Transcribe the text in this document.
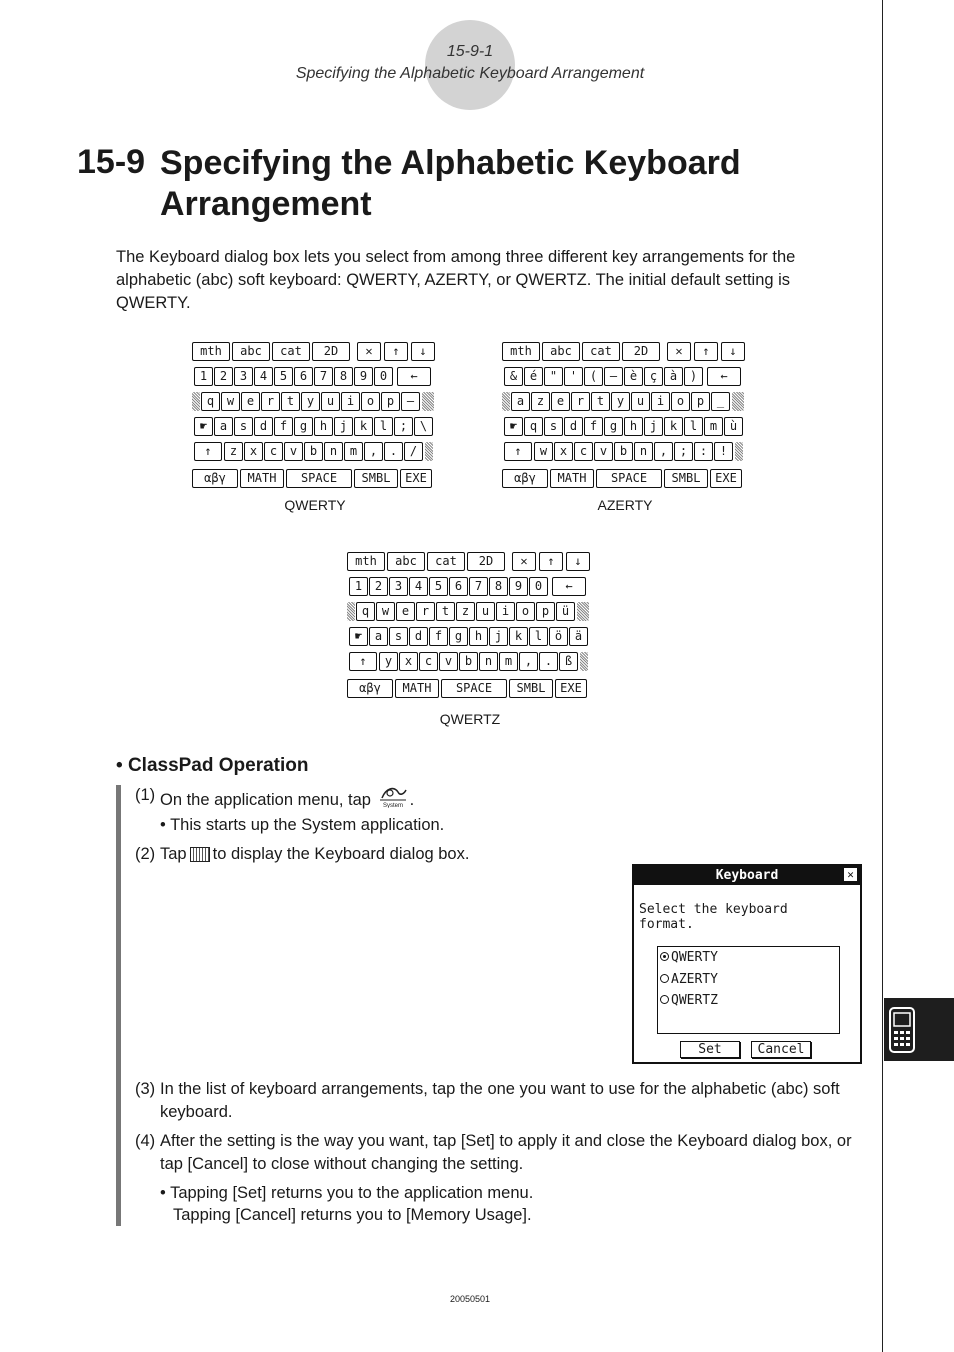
15-9-1
Specifying the Alphabetic Keyboard Arrangement
15-9 Specifying the Alphabetic Keyboard Arrangement
The Keyboard dialog box lets you select from among three different key arrangements for the alphabetic (abc) soft keyboard: QWERTY, AZERTY, or QWERTZ. The initial default setting is QWERTY.
mth	abc	cat	2D	✕	↑	↓
1	2	3	4	5	6	7	8	9	0	←
q	w	e	r	t	y	u	i	o	p	–
☛	a	s	d	f	g	h	j	k	l	;	\
↑	z	x	c	v	b	n	m	,	.	/
αβγ	MATH	SPACE	SMBL	EXE
QWERTY
mth	abc	cat	2D	✕	↑	↓
&	é	"	'	(	–	è	ç	à	)	←
a	z	e	r	t	y	u	i	o	p	_
☛	q	s	d	f	g	h	j	k	l	m	ù
↑	w	x	c	v	b	n	,	;	:	!
αβγ	MATH	SPACE	SMBL	EXE
AZERTY
mth	abc	cat	2D	✕	↑	↓
1	2	3	4	5	6	7	8	9	0	←
q	w	e	r	t	z	u	i	o	p	ü
☛	a	s	d	f	g	h	j	k	l	ö	ä
↑	y	x	c	v	b	n	m	,	.	ß
αβγ	MATH	SPACE	SMBL	EXE
QWERTZ
• ClassPad Operation
(1) On the application menu, tap System .
• This starts up the System application.
(2) Tap to display the Keyboard dialog box.
Keyboard	✕
Select the keyboard format.
QWERTY
AZERTY
QWERTZ
Set	Cancel
(3) In the list of keyboard arrangements, tap the one you want to use for the alphabetic (abc) soft keyboard.
(4) After the setting is the way you want, tap [Set] to apply it and close the Keyboard dialog box, or tap [Cancel] to close without changing the setting.
• Tapping [Set] returns you to the application menu.
Tapping [Cancel] returns you to [Memory Usage].
20050501
